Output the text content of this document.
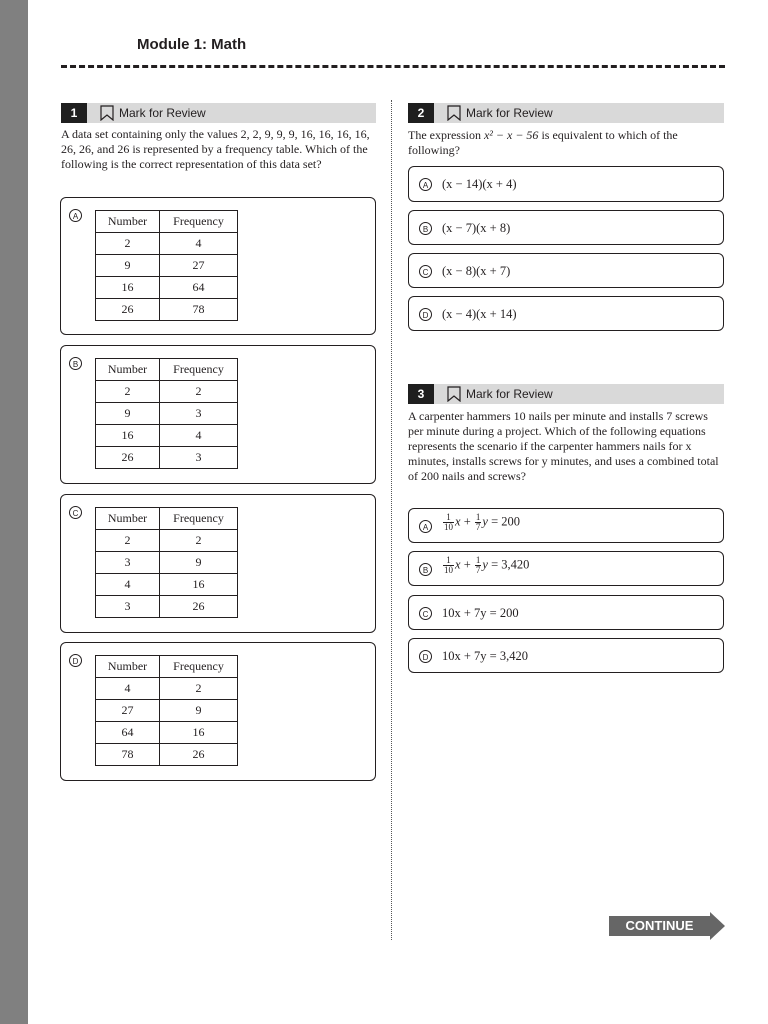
Module 1: Math
1	Mark for Review
A data set containing only the values 2, 2, 9, 9, 9, 16, 16, 16, 16, 26, 26, and 26 is represented by a frequency table. Which of the following is the correct representation of this data set?
A	Number	Frequency
2	4
9	27
16	64
26	78
B	Number	Frequency
2	2
9	3
16	4
26	3
C	Number	Frequency
2	2
3	9
4	16
3	26
D	Number	Frequency
4	2
27	9
64	16
78	26
2	Mark for Review
The expression x² − x − 56 is equivalent to which of the following?
A	(x − 14)(x + 4)
B	(x − 7)(x + 8)
C (x − 8)(x + 7)
D (x − 4)(x + 14)
3	Mark for Review
A carpenter hammers 10 nails per minute and installs 7 screws per minute during a project. Which of the following equations represents the scenario if the carpenter hammers nails for x minutes, installs screws for y minutes, and uses a combined total of 200 nails and screws?
A	$\frac{1}{10}$ $x + \frac{1}{7}$ y = 200
B	$\frac{1}{10}$ $x + \frac{1}{7}$ y = 3,420
C 10x + 7y = 200
D 10x + 7y = 3,420
CONTINUE
